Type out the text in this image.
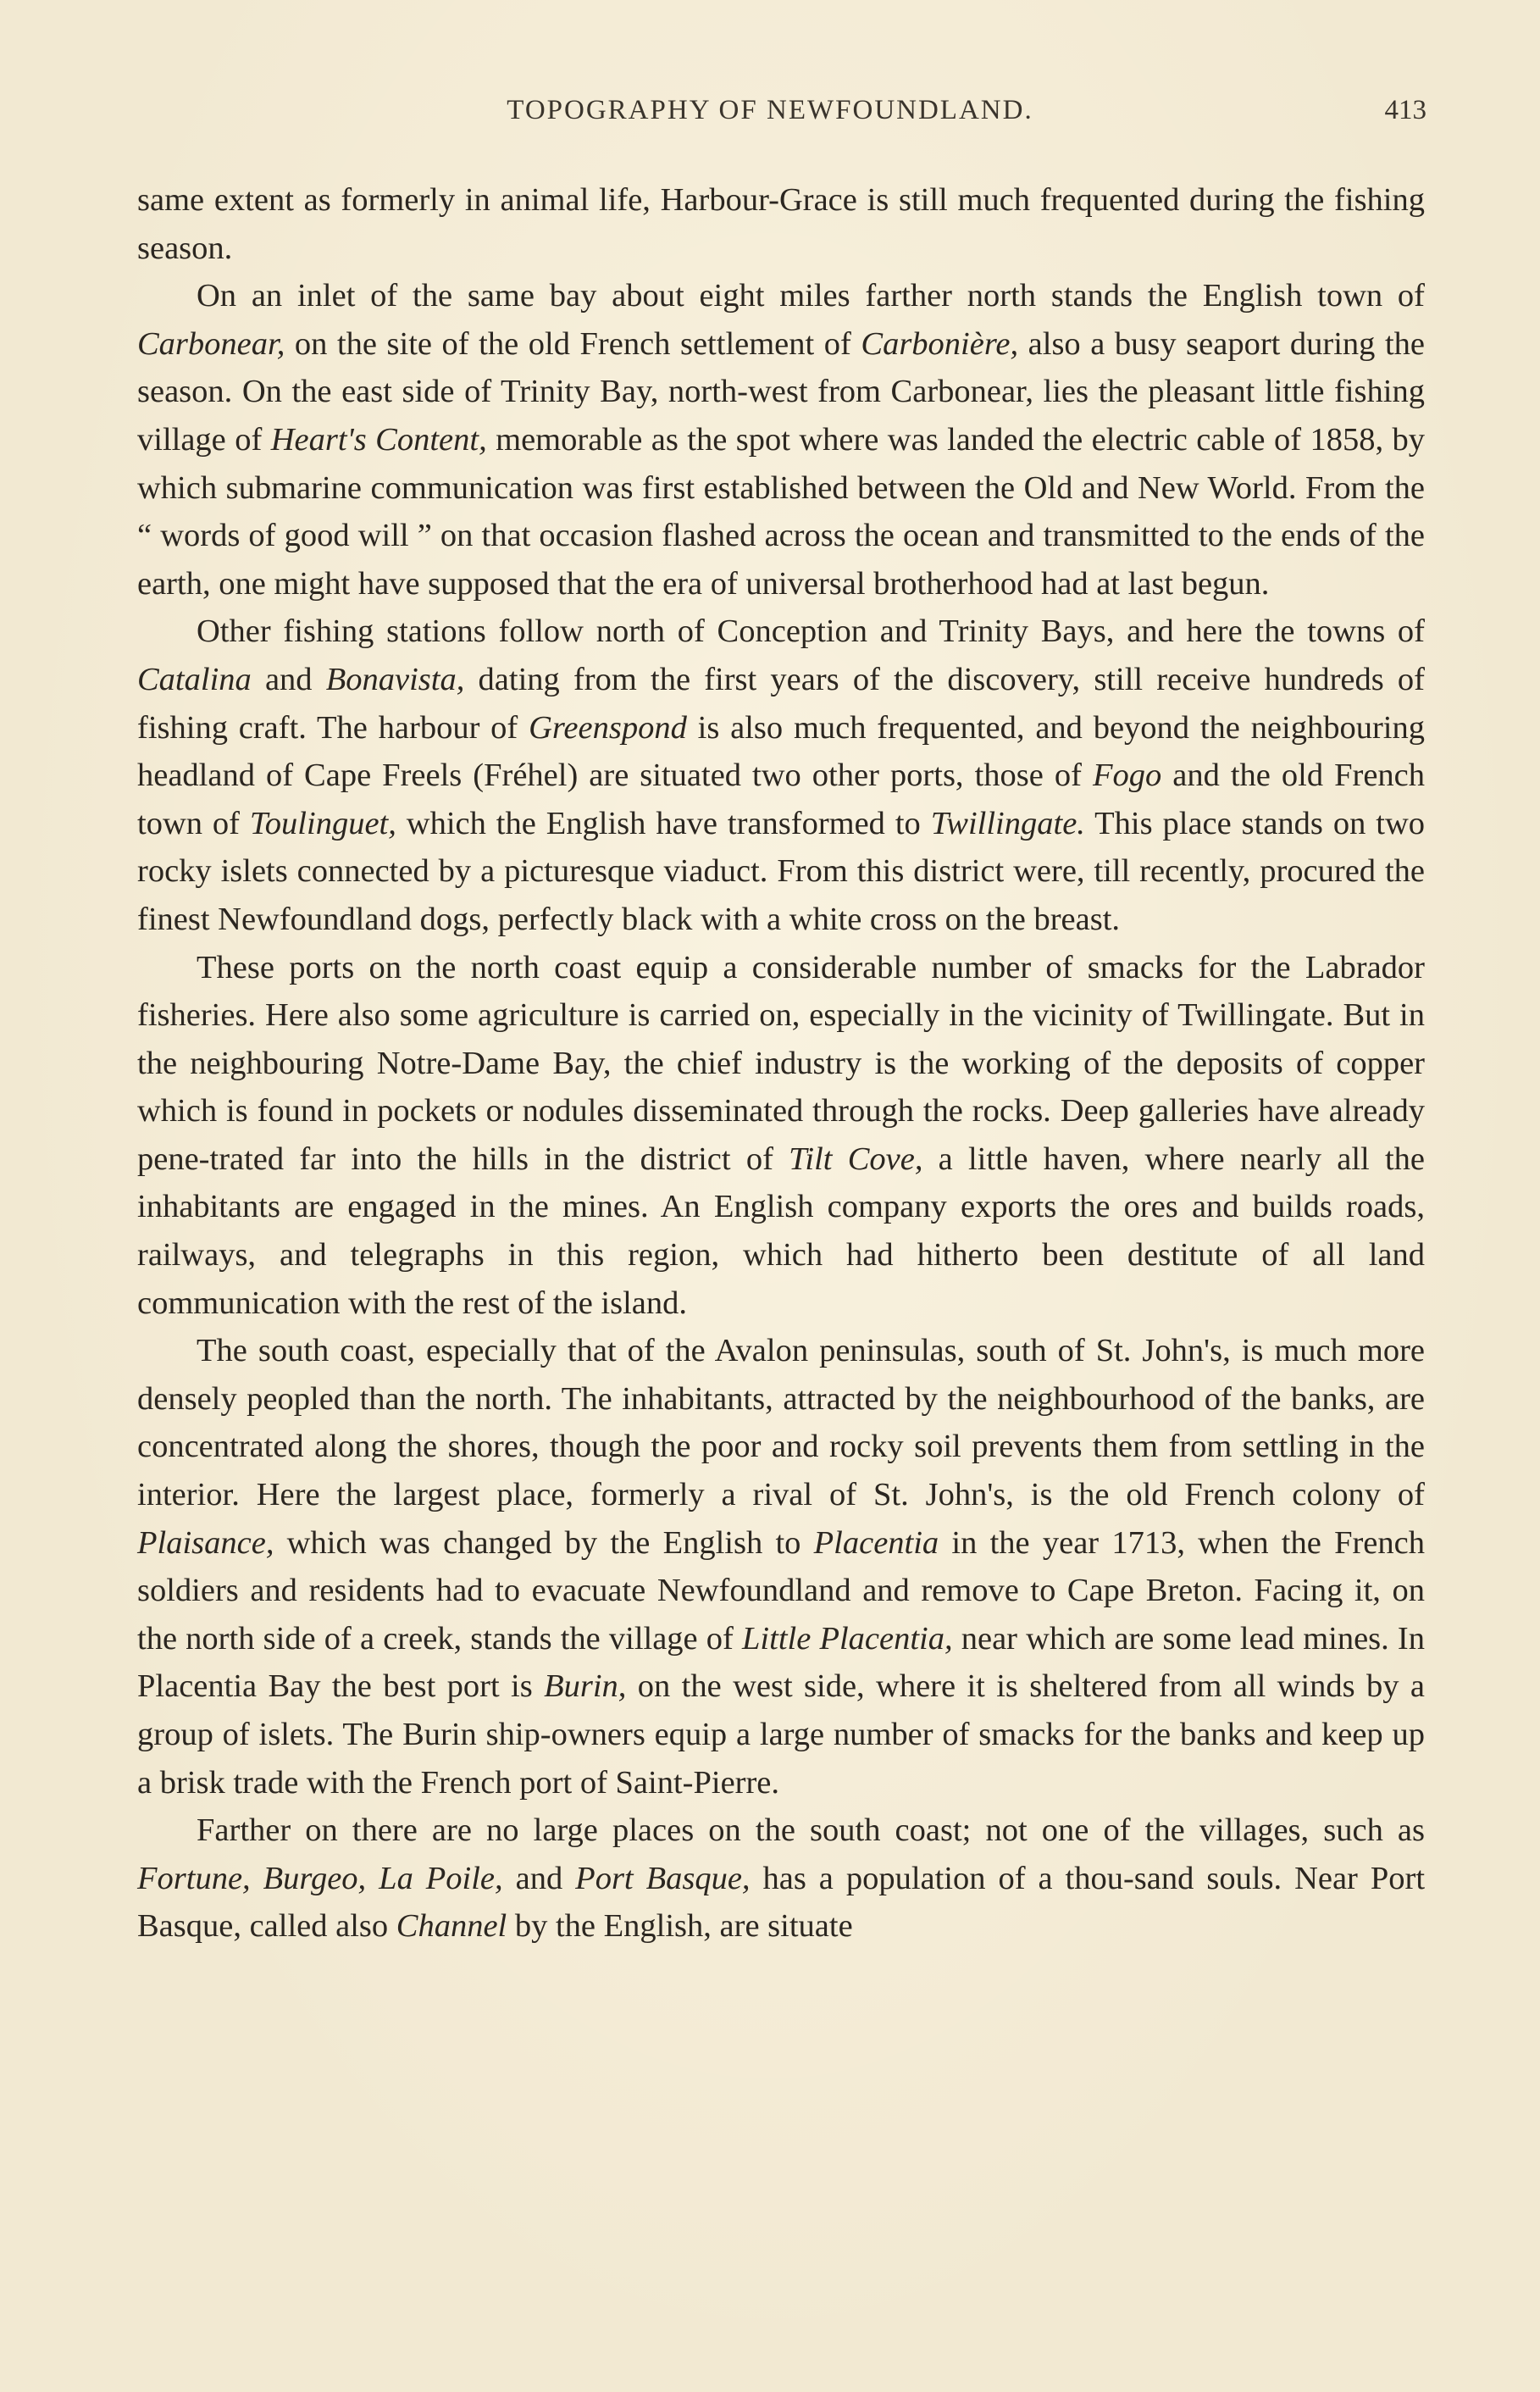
TOPOGRAPHY OF NEWFOUNDLAND.	413

same extent as formerly in animal life, Harbour-Grace is still much frequented during the fishing season.

On an inlet of the same bay about eight miles farther north stands the English town of Carbonear, on the site of the old French settlement of Carbonière, also a busy seaport during the season. On the east side of Trinity Bay, north-west from Carbonear, lies the pleasant little fishing village of Heart's Content, memorable as the spot where was landed the electric cable of 1858, by which submarine communication was first established between the Old and New World. From the “ words of good will ” on that occasion flashed across the ocean and transmitted to the ends of the earth, one might have supposed that the era of universal brotherhood had at last begun.

Other fishing stations follow north of Conception and Trinity Bays, and here the towns of Catalina and Bonavista, dating from the first years of the discovery, still receive hundreds of fishing craft. The harbour of Greenspond is also much frequented, and beyond the neighbouring headland of Cape Freels (Fréhel) are situated two other ports, those of Fogo and the old French town of Toulinguet, which the English have transformed to Twillingate. This place stands on two rocky islets connected by a picturesque viaduct. From this district were, till recently, procured the finest Newfoundland dogs, perfectly black with a white cross on the breast.

These ports on the north coast equip a considerable number of smacks for the Labrador fisheries. Here also some agriculture is carried on, especially in the vicinity of Twillingate. But in the neighbouring Notre-Dame Bay, the chief industry is the working of the deposits of copper which is found in pockets or nodules disseminated through the rocks. Deep galleries have already pene-trated far into the hills in the district of Tilt Cove, a little haven, where nearly all the inhabitants are engaged in the mines. An English company exports the ores and builds roads, railways, and telegraphs in this region, which had hitherto been destitute of all land communication with the rest of the island.

The south coast, especially that of the Avalon peninsulas, south of St. John's, is much more densely peopled than the north. The inhabitants, attracted by the neighbourhood of the banks, are concentrated along the shores, though the poor and rocky soil prevents them from settling in the interior. Here the largest place, formerly a rival of St. John's, is the old French colony of Plaisance, which was changed by the English to Placentia in the year 1713, when the French soldiers and residents had to evacuate Newfoundland and remove to Cape Breton. Facing it, on the north side of a creek, stands the village of Little Placentia, near which are some lead mines. In Placentia Bay the best port is Burin, on the west side, where it is sheltered from all winds by a group of islets. The Burin ship-owners equip a large number of smacks for the banks and keep up a brisk trade with the French port of Saint-Pierre.

Farther on there are no large places on the south coast; not one of the villages, such as Fortune, Burgeo, La Poile, and Port Basque, has a population of a thou-sand souls. Near Port Basque, called also Channel by the English, are situate
